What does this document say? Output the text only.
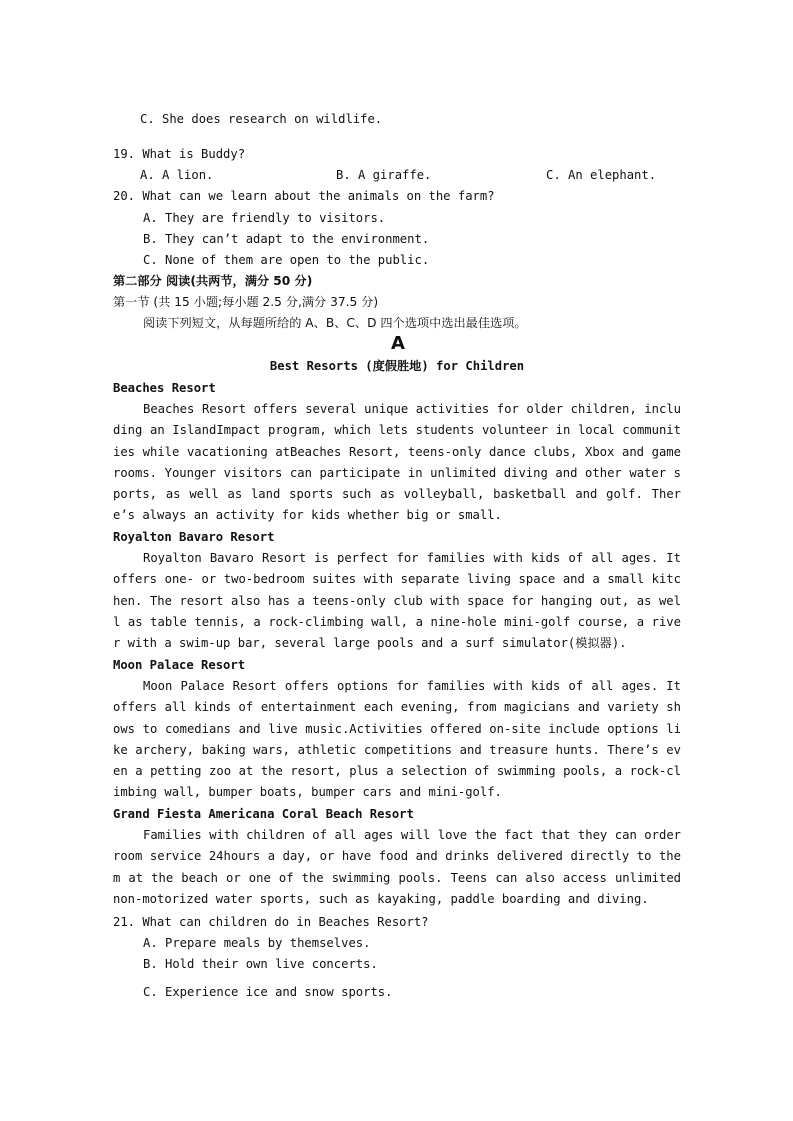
C. She does research on wildlife.
19. What is Buddy?
A. A lion.	B. A giraffe.	C. An elephant.
20. What can we learn about the animals on the farm?
A. They are friendly to visitors.
B. They can’t adapt to the environment.
C. None of them are open to the public.
第二部分 阅读(共两节，满分 50 分)
第一节 (共 15 小题;每小题 2.5 分,满分 37.5 分)
阅读下列短文，从每题所给的 A、B、C、D 四个选项中选出最佳选项。
A
Best Resorts (度假胜地) for Children
Beaches Resort
Beaches Resort offers several unique activities for older children, including an IslandImpact program, which lets students volunteer in local communities while vacationing atBeaches Resort, teens-only dance clubs, Xbox and game rooms. Younger visitors can participate in unlimited diving and other water sports, as well as land sports such as volleyball, basketball and golf. There’s always an activity for kids whether big or small.
Royalton Bavaro Resort
Royalton Bavaro Resort is perfect for families with kids of all ages. It offers one- or two-bedroom suites with separate living space and a small kitchen. The resort also has a teens-only club with space for hanging out, as well as table tennis, a rock-climbing wall, a nine-hole mini-golf course, a river with a swim-up bar, several large pools and a surf simulator(模拟器).
Moon Palace Resort
Moon Palace Resort offers options for families with kids of all ages. It offers all kinds of entertainment each evening, from magicians and variety shows to comedians and live music.Activities offered on-site include options like archery, baking wars, athletic competitions and treasure hunts. There’s even a petting zoo at the resort, plus a selection of swimming pools, a rock-climbing wall, bumper boats, bumper cars and mini-golf.
Grand Fiesta Americana Coral Beach Resort
Families with children of all ages will love the fact that they can order room service 24hours a day, or have food and drinks delivered directly to them at the beach or one of the swimming pools. Teens can also access unlimited non-motorized water sports, such as kayaking, paddle boarding and diving.
21. What can children do in Beaches Resort?
A. Prepare meals by themselves.
B. Hold their own live concerts.
C. Experience ice and snow sports.
